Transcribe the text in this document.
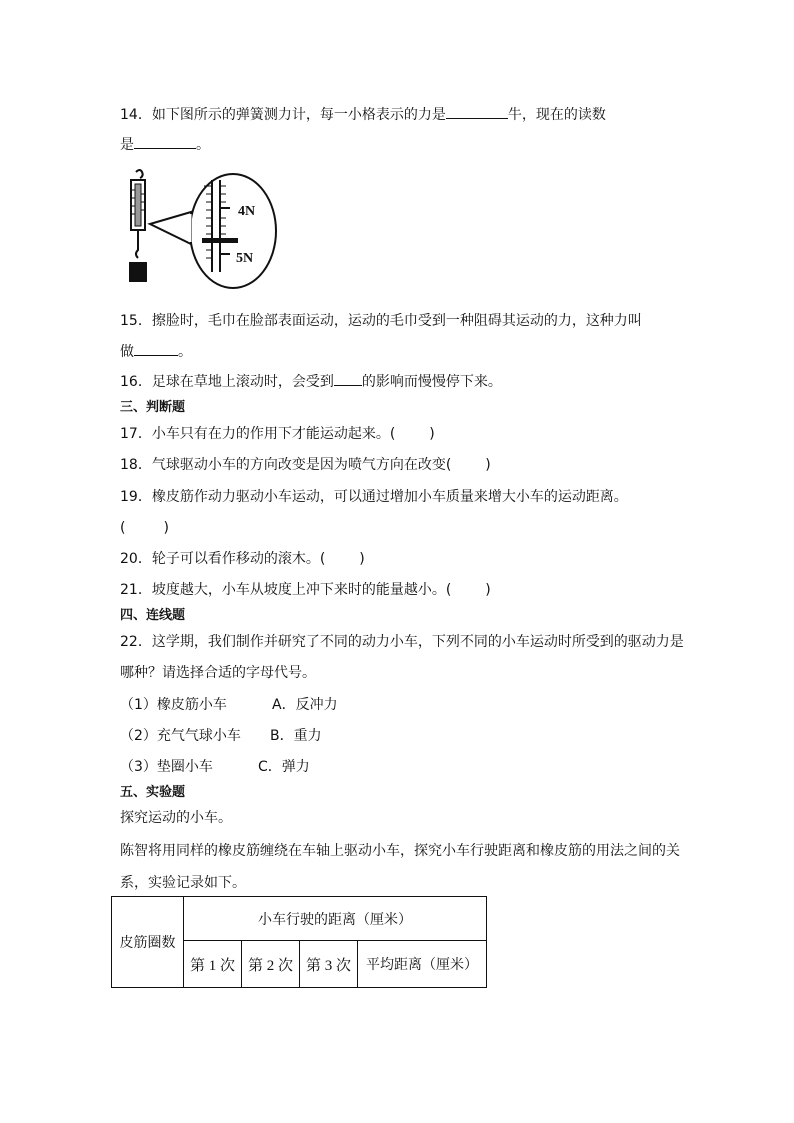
14．如下图所示的弹簧测力计，每一小格表示的力是	牛，现在的读数
是	。
4N
5N
15．擦脸时，毛巾在脸部表面运动，运动的毛巾受到一种阻碍其运动的力，这种力叫
做	。
16．足球在草地上滚动时，会受到 的影响而慢慢停下来。
三、判断题
17．小车只有在力的作用下才能运动起来。( )
18．气球驱动小车的方向改变是因为喷气方向在改变( )
19．橡皮筋作动力驱动小车运动，可以通过增加小车质量来增大小车的运动距离。
(	)
20．轮子可以看作移动的滚木。( )
21．坡度越大，小车从坡度上冲下来时的能量越小。( )
四、连线题
22．这学期，我们制作并研究了不同的动力小车，下列不同的小车运动时所受到的驱动力是
哪种？请选择合适的字母代号。
（1）橡皮筋小车	A．反冲力
（2）充气气球小车 B．重力
（3）垫圈小车	C．弹力
五、实验题
探究运动的小车。
陈智将用同样的橡皮筋缠绕在车轴上驱动小车，探究小车行驶距离和橡皮筋的用法之间的关
系，实验记录如下。
皮筋圈数	小车行驶的距离（厘米）			
	第 1 次	第 2 次	第 3 次	平均距离（厘米）
